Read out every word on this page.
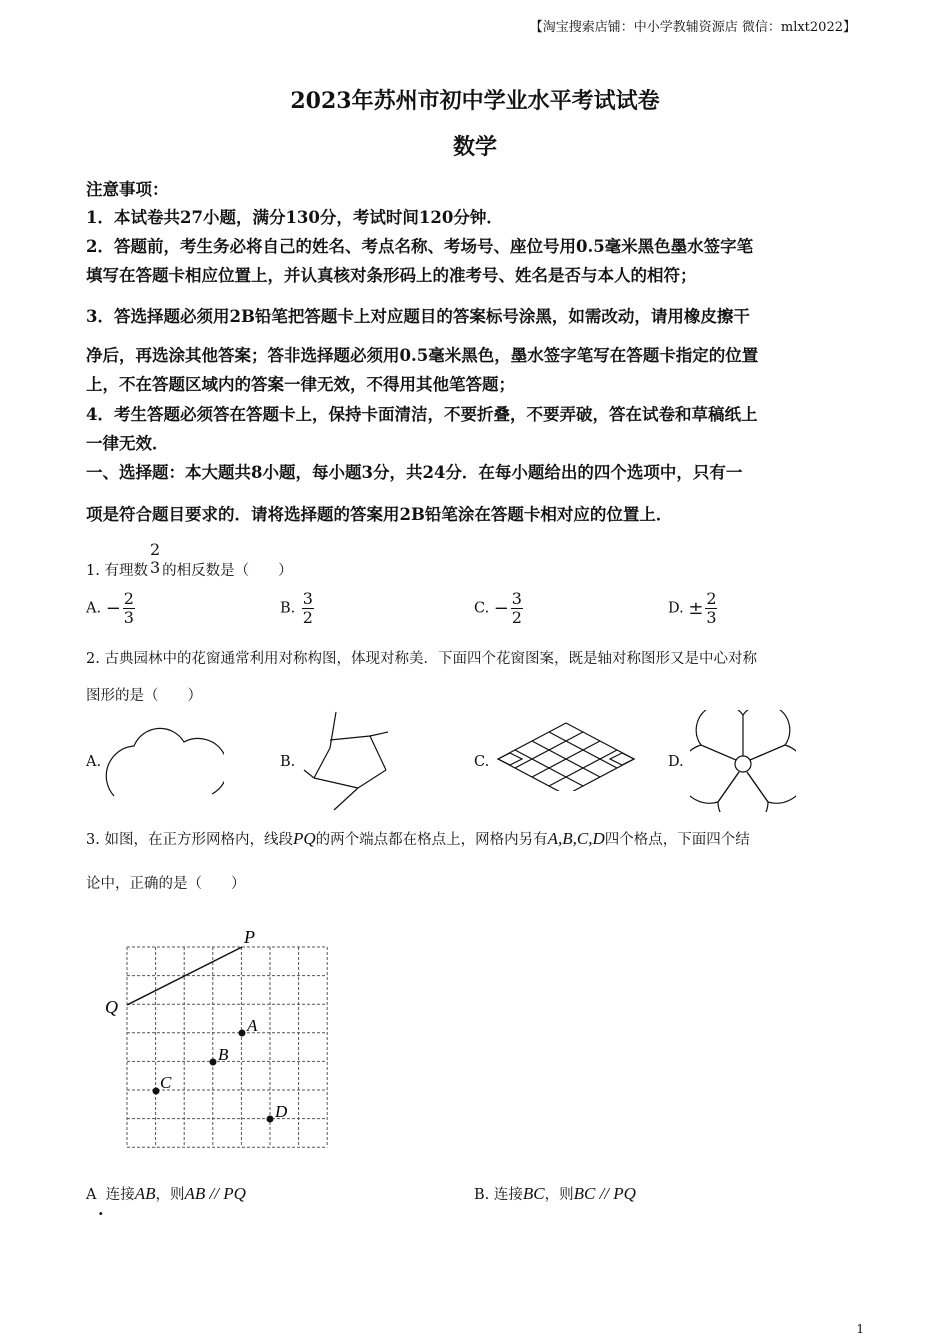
【淘宝搜索店铺：中小学教辅资源店 微信：mlxt2022】
2023年苏州市初中学业水平考试试卷
数学
注意事项：
1．本试卷共27小题，满分130分，考试时间120分钟．
2．答题前，考生务必将自己的姓名、考点名称、考场号、座位号用0.5毫米黑色墨水签字笔
填写在答题卡相应位置上，并认真核对条形码上的准考号、姓名是否与本人的相符；
3．答选择题必须用2B铅笔把答题卡上对应题目的答案标号涂黑，如需改动，请用橡皮擦干
净后，再选涂其他答案；答非选择题必须用0.5毫米黑色，墨水签字笔写在答题卡指定的位置
上，不在答题区域内的答案一律无效，不得用其他笔答题；
4．考生答题必须答在答题卡上，保持卡面清洁，不要折叠，不要弄破，答在试卷和草稿纸上
一律无效．
一、选择题：本大题共8小题，每小题3分，共24分．在每小题给出的四个选项中，只有一
项是符合题目要求的．请将选择题的答案用2B铅笔涂在答题卡相对应的位置上．
1. 有理数
2
3 的相反数是（　　）
A. − $\frac{2}{3}$	B. $\frac{3}{2}$	C. − $\frac{3}{2}$	D. ± $\frac{2}{3}$
2. 古典园林中的花窗通常利用对称构图，体现对称美．下面四个花窗图案，既是轴对称图形又是中心对称
图形的是（　　）
A.	B.	C.	D.
3. 如图，在正方形网格内，线段PQ的两个端点都在格点上，网格内另有A,B,C,D四个格点，下面四个结
论中，正确的是（　　）
P
Q
A
B
C
D
A 连接AB，则AB // PQ
.
B. 连接BC，则BC // PQ
1
